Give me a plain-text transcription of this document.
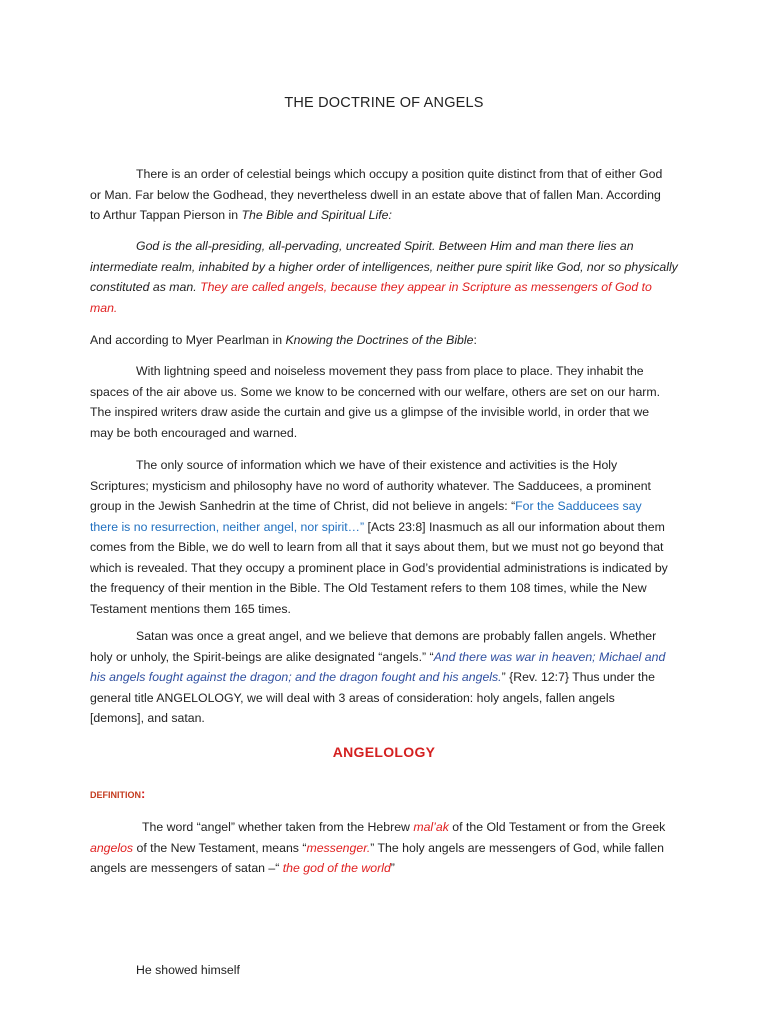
THE DOCTRINE OF ANGELS

There is an order of celestial beings which occupy a position quite distinct from that of either God or Man. Far below the Godhead, they nevertheless dwell in an estate above that of fallen Man. According to Arthur Tappan Pierson in The Bible and Spiritual Life:

God is the all-presiding, all-pervading, uncreated Spirit. Between Him and man there lies an intermediate realm, inhabited by a higher order of intelligences, neither pure spirit like God, nor so physically constituted as man. They are called angels, because they appear in Scripture as messengers of God to man.

And according to Myer Pearlman in Knowing the Doctrines of the Bible:

With lightning speed and noiseless movement they pass from place to place. They inhabit the spaces of the air above us. Some we know to be concerned with our welfare, others are set on our harm. The inspired writers draw aside the curtain and give us a glimpse of the invisible world, in order that we may be both encouraged and warned.

The only source of information which we have of their existence and activities is the Holy Scriptures; mysticism and philosophy have no word of authority whatever. The Sadducees, a prominent group in the Jewish Sanhedrin at the time of Christ, did not believe in angels: “For the Sadducees say there is no resurrection, neither angel, nor spirit…” [Acts 23:8] Inasmuch as all our information about them comes from the Bible, we do well to learn from all that it says about them, but we must not go beyond that which is revealed. That they occupy a prominent place in God’s providential administrations is indicated by the frequency of their mention in the Bible. The Old Testament refers to them 108 times, while the New Testament mentions them 165 times.

Satan was once a great angel, and we believe that demons are probably fallen angels. Whether holy or unholy, the Spirit-beings are alike designated “angels.” “And there was war in heaven; Michael and his angels fought against the dragon; and the dragon fought and his angels.” {Rev. 12:7} Thus under the general title ANGELOLOGY, we will deal with 3 areas of consideration: holy angels, fallen angels [demons], and satan.

ANGELOLOGY
DEFINITION:

The word “angel” whether taken from the Hebrew mal’ak of the Old Testament or from the Greek angelos of the New Testament, means “messenger.” The holy angels are messengers of God, while fallen angels are messengers of satan –“ the god of the world”

He showed himself
